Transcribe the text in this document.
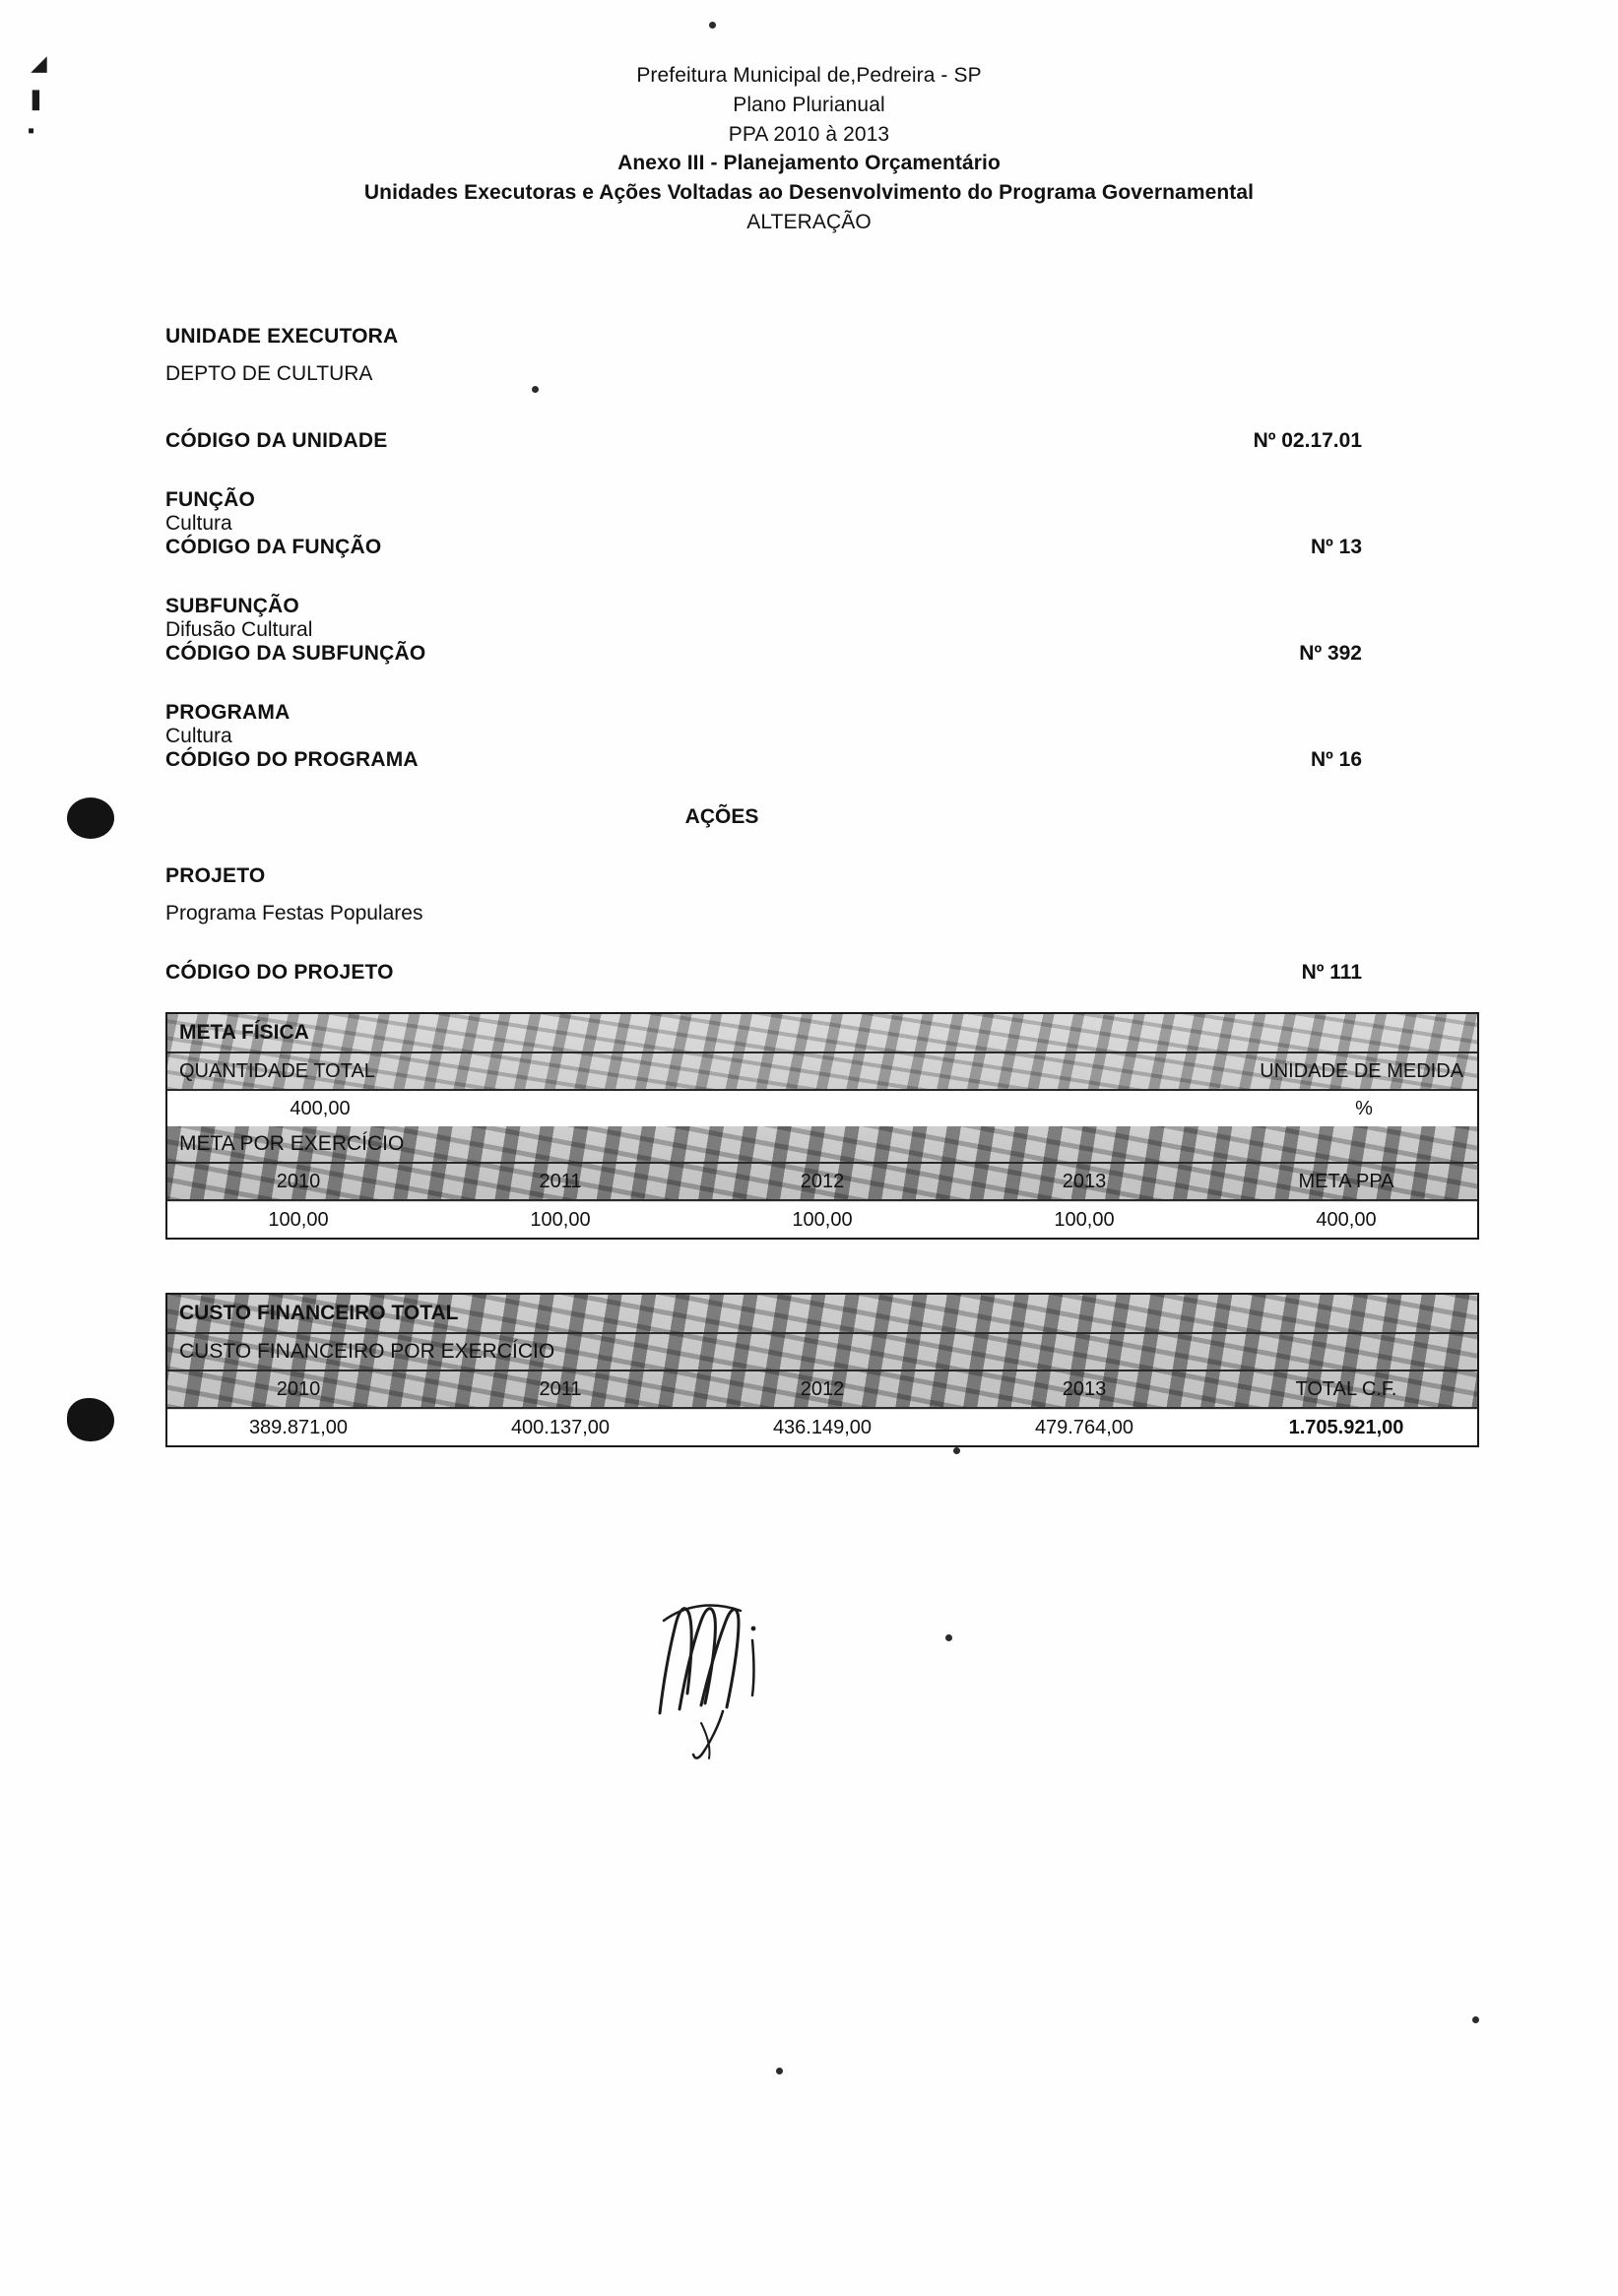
◢
❚
▪
Prefeitura Municipal de,Pedreira - SP
Plano Plurianual
PPA 2010 à 2013
Anexo III - Planejamento Orçamentário
Unidades Executoras e Ações Voltadas ao Desenvolvimento do Programa Governamental
ALTERAÇÃO
UNIDADE EXECUTORA
DEPTO DE CULTURA
CÓDIGO DA UNIDADE	Nº 02.17.01
FUNÇÃO
Cultura
CÓDIGO DA FUNÇÃO	Nº 13
SUBFUNÇÃO
Difusão Cultural
CÓDIGO DA SUBFUNÇÃO	Nº 392
PROGRAMA
Cultura
CÓDIGO DO PROGRAMA	Nº 16
AÇÕES
PROJETO
Programa Festas Populares
CÓDIGO DO PROJETO	Nº 111
META FÍSICA
QUANTIDADE TOTAL	UNIDADE DE MEDIDA
400,00	%
META POR EXERCÍCIO
2010	2011	2012	2013	META PPA
100,00	100,00	100,00	100,00	400,00
CUSTO FINANCEIRO TOTAL
CUSTO FINANCEIRO POR EXERCÍCIO
2010	2011	2012	2013	TOTAL C.F.
389.871,00	400.137,00	436.149,00	479.764,00	1.705.921,00
